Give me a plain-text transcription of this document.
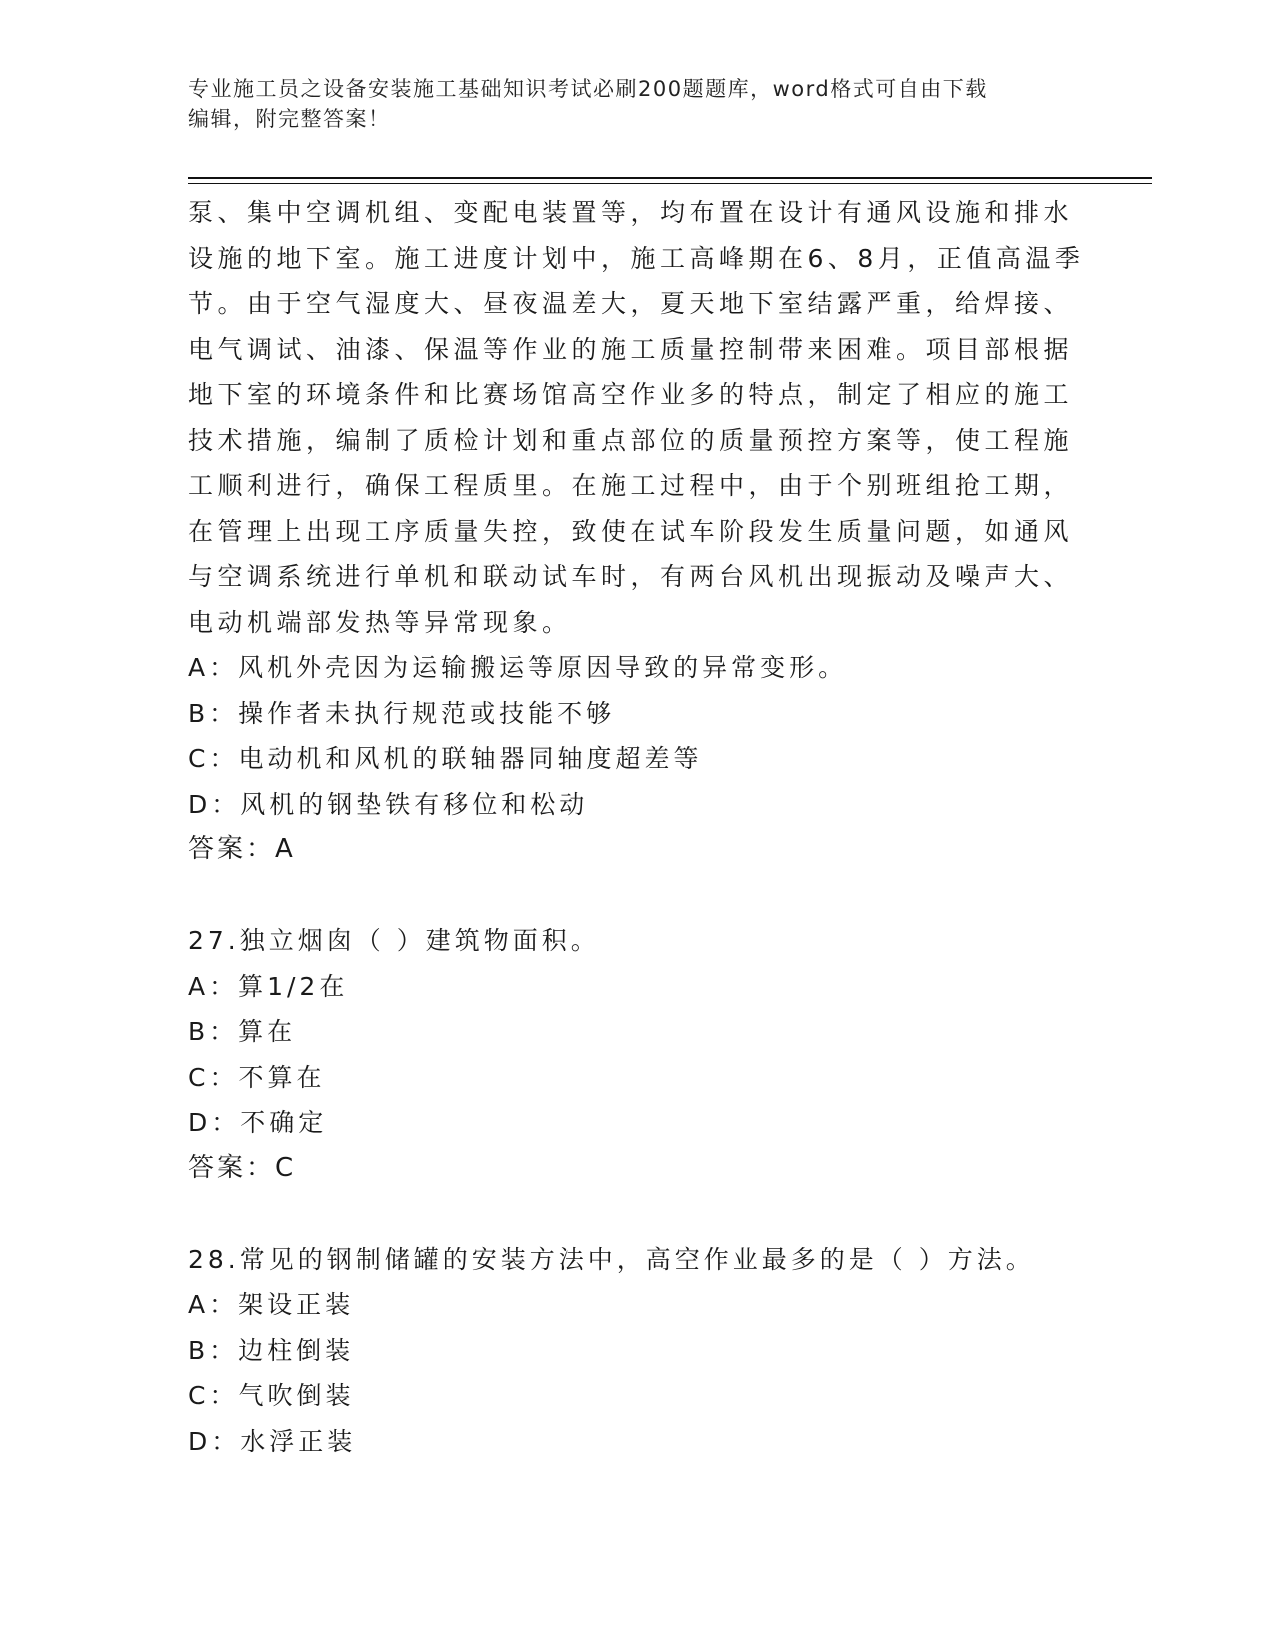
专业施工员之设备安装施工基础知识考试必刷200题题库，word格式可自由下载
编辑，附完整答案！
泵、集中空调机组、变配电装置等，均布置在设计有通风设施和排水
设施的地下室。施工进度计划中，施工高峰期在6、8月，正值高温季
节。由于空气湿度大、昼夜温差大，夏天地下室结露严重，给焊接、
电气调试、油漆、保温等作业的施工质量控制带来困难。项目部根据
地下室的环境条件和比赛场馆高空作业多的特点，制定了相应的施工
技术措施，编制了质检计划和重点部位的质量预控方案等，使工程施
工顺利进行，确保工程质里。在施工过程中，由于个别班组抢工期，
在管理上出现工序质量失控，致使在试车阶段发生质量问题，如通风
与空调系统进行单机和联动试车时，有两台风机出现振动及噪声大、
电动机端部发热等异常现象。
A：风机外壳因为运输搬运等原因导致的异常变形。
B：操作者未执行规范或技能不够
C：电动机和风机的联轴器同轴度超差等
D：风机的钢垫铁有移位和松动
答案：A
27.独立烟囱（ ）建筑物面积。
A：算1/2在
B：算在
C：不算在
D：不确定
答案：C
28.常见的钢制储罐的安装方法中，高空作业最多的是（ ）方法。
A：架设正装
B：边柱倒装
C：气吹倒装
D：水浮正装
